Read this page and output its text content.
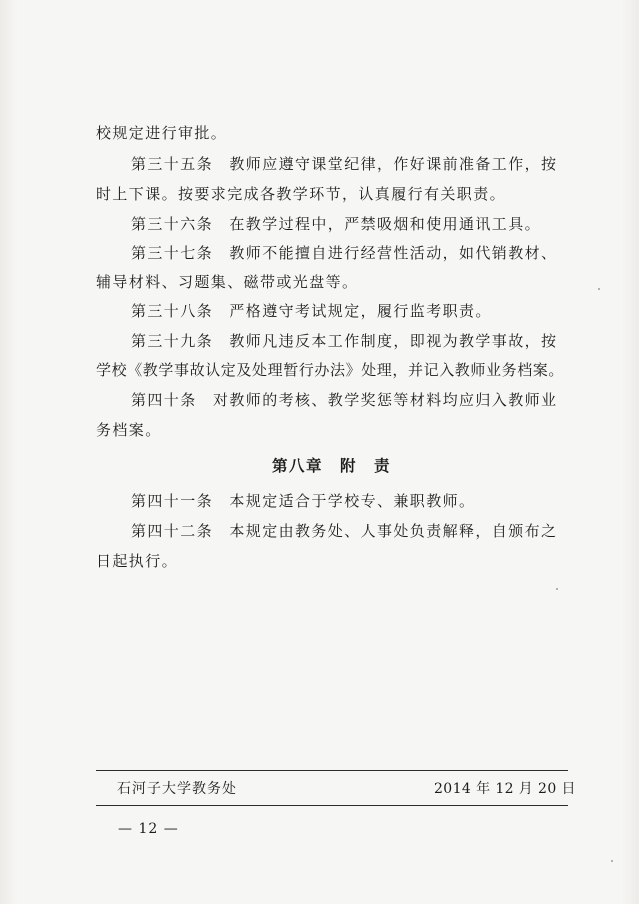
校规定进行审批。
第三十五条　教师应遵守课堂纪律，作好课前准备工作，按
时上下课。按要求完成各教学环节，认真履行有关职责。
第三十六条　在教学过程中，严禁吸烟和使用通讯工具。
第三十七条　教师不能擅自进行经营性活动，如代销教材、
辅导材料、习题集、磁带或光盘等。
第三十八条　严格遵守考试规定，履行监考职责。
第三十九条　教师凡违反本工作制度，即视为教学事故，按
学校《教学事故认定及处理暂行办法》处理，并记入教师业务档案。
第四十条　对教师的考核、教学奖惩等材料均应归入教师业
务档案。
第八章　附　责
第四十一条　本规定适合于学校专、兼职教师。
第四十二条　本规定由教务处、人事处负责解释，自颁布之
日起执行。
石河子大学教务处	2014 年 12 月 20 日
— 12 —
